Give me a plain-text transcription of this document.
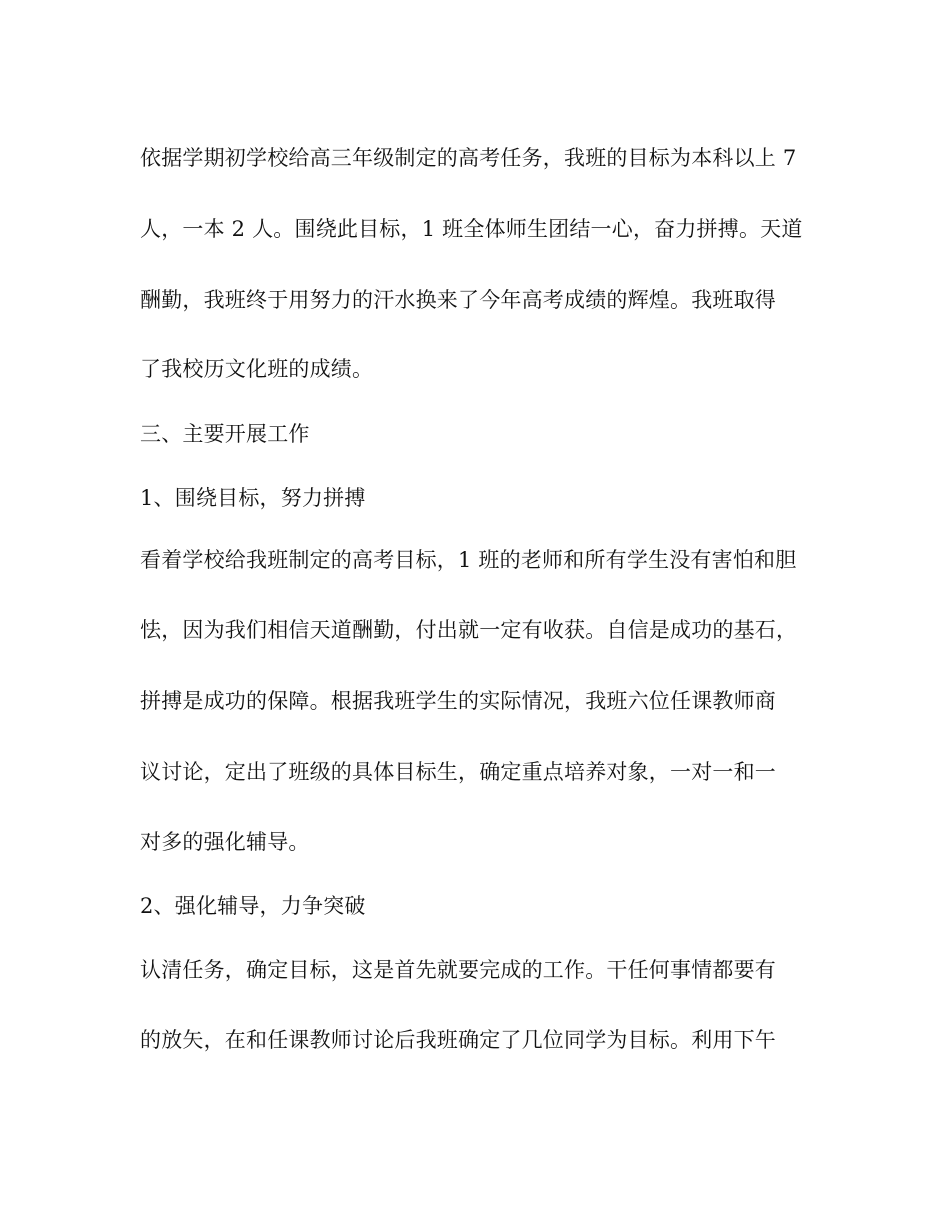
依据学期初学校给高三年级制定的高考任务，我班的目标为本科以上 7
人，一本 2 人。围绕此目标，1 班全体师生团结一心，奋力拼搏。天道
酬勤，我班终于用努力的汗水换来了今年高考成绩的辉煌。我班取得
了我校历文化班的成绩。
三、主要开展工作
1、围绕目标，努力拼搏
看着学校给我班制定的高考目标，1 班的老师和所有学生没有害怕和胆
怯，因为我们相信天道酬勤，付出就一定有收获。自信是成功的基石，
拼搏是成功的保障。根据我班学生的实际情况，我班六位任课教师商
议讨论，定出了班级的具体目标生，确定重点培养对象，一对一和一
对多的强化辅导。
2、强化辅导，力争突破
认清任务，确定目标，这是首先就要完成的工作。干任何事情都要有
的放矢，在和任课教师讨论后我班确定了几位同学为目标。利用下午
